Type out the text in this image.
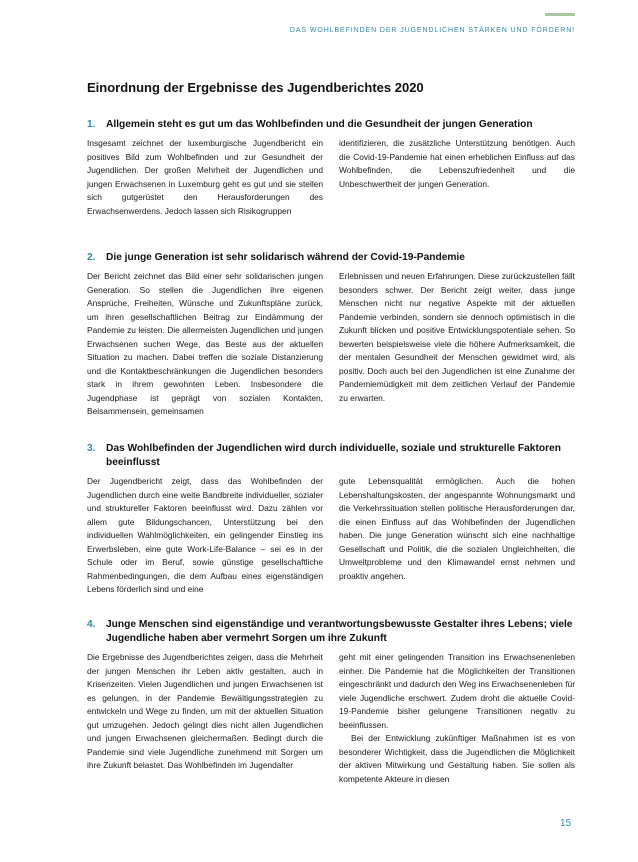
DAS WOHLBEFINDEN DER JUGENDLICHEN STÄRKEN UND FÖRDERN!
Einordnung der Ergebnisse des Jugendberichtes 2020
1.	Allgemein steht es gut um das Wohlbefinden und die Gesundheit der jungen Generation

Insgesamt zeichnet der luxemburgische Jugendbericht ein positives Bild zum Wohlbefinden und zur Gesundheit der Jugendlichen. Der großen Mehrheit der Jugendlichen und jungen Erwachsenen in Luxemburg geht es gut und sie stellen sich gutgerüstet den Herausforderungen des Erwachsenwerdens. Jedoch lassen sich Risikogruppen

identifizieren, die zusätzliche Unterstützung benötigen. Auch die Covid-19-Pandemie hat einen erheblichen Einfluss auf das Wohlbefinden, die Lebenszufriedenheit und die Unbeschwertheit der jungen Generation.

2.	Die junge Generation ist sehr solidarisch während der Covid-19-Pandemie

Der Bericht zeichnet das Bild einer sehr solidarischen jungen Generation. So stellen die Jugendlichen ihre eigenen Ansprüche, Freiheiten, Wünsche und Zukunftspläne zurück, um ihren gesellschaftlichen Beitrag zur Eindämmung der Pandemie zu leisten. Die allermeisten Jugendlichen und jungen Erwachsenen suchen Wege, das Beste aus der aktuellen Situation zu machen. Dabei treffen die soziale Distanzierung und die Kontaktbeschränkungen die Jugendlichen besonders stark in ihrem gewohnten Leben. Insbesondere die Jugendphase ist geprägt von sozialen Kontakten, Beisammensein, gemeinsamen

Erlebnissen und neuen Erfahrungen. Diese zurückzustellen fällt besonders schwer. Der Bericht zeigt weiter, dass junge Menschen nicht nur negative Aspekte mit der aktuellen Pandemie verbinden, sondern sie dennoch optimistisch in die Zukunft blicken und positive Entwicklungspotentiale sehen. So bewerten beispielsweise viele die höhere Aufmerksamkeit, die der mentalen Gesundheit der Menschen gewidmet wird, als positiv. Doch auch bei den Jugendlichen ist eine Zunahme der Pandemiemüdigkeit mit dem zeitlichen Verlauf der Pandemie zu erwarten.

3.	Das Wohlbefinden der Jugendlichen wird durch individuelle, soziale und strukturelle Faktoren beeinflusst

Der Jugendbericht zeigt, dass das Wohlbefinden der Jugendlichen durch eine weite Bandbreite individueller, sozialer und struktureller Faktoren beeinflusst wird. Dazu zählen vor allem gute Bildungschancen, Unterstützung bei den individuellen Wahlmöglichkeiten, ein gelingender Einstieg ins Erwerbsleben, eine gute Work-Life-Balance – sei es in der Schule oder im Beruf, sowie günstige gesellschaftliche Rahmenbedingungen, die dem Aufbau eines eigenständigen Lebens förderlich sind und eine

gute Lebensqualität ermöglichen. Auch die hohen Lebenshaltungskosten, der angespannte Wohnungsmarkt und die Verkehrssituation stellen politische Herausforderungen dar, die einen Einfluss auf das Wohlbefinden der Jugendlichen haben. Die junge Generation wünscht sich eine nachhaltige Gesellschaft und Politik, die die sozialen Ungleichheiten, die Umweltprobleme und den Klimawandel ernst nehmen und proaktiv angehen.

4.	Junge Menschen sind eigenständige und verantwortungsbewusste Gestalter ihres Lebens; viele Jugendliche haben aber vermehrt Sorgen um ihre Zukunft

Die Ergebnisse des Jugendberichtes zeigen, dass die Mehrheit der jungen Menschen ihr Leben aktiv gestalten, auch in Krisenzeiten. Vielen Jugendlichen und jungen Erwachsenen ist es gelungen, in der Pandemie Bewältigungsstrategien zu entwickeln und Wege zu finden, um mit der aktuellen Situation gut umzugehen. Jedoch gelingt dies nicht allen Jugendlichen und jungen Erwachsenen gleichermaßen. Bedingt durch die Pandemie sind viele Jugendliche zunehmend mit Sorgen um ihre Zukunft belastet. Das Wohlbefinden im Jugendalter

geht mit einer gelingenden Transition ins Erwachsenenleben einher. Die Pandemie hat die Möglichkeiten der Transitionen eingeschränkt und dadurch den Weg ins Erwachsenenleben für viele Jugendliche erschwert. Zudem droht die aktuelle Covid-19-Pandemie bisher gelungene Transitionen negativ zu beeinflussen.

Bei der Entwicklung zukünftiger Maßnahmen ist es von besonderer Wichtigkeit, dass die Jugendlichen die Möglichkeit der aktiven Mitwirkung und Gestaltung haben. Sie sollen als kompetente Akteure in diesen

15
